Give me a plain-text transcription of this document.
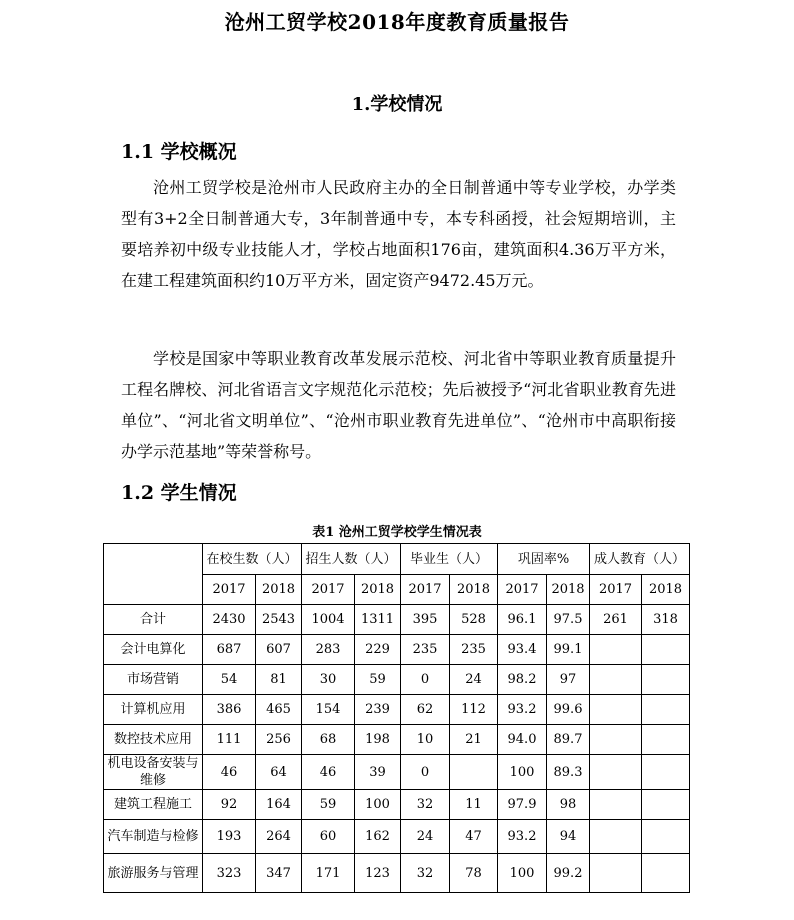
沧州工贸学校2018年度教育质量报告
1.学校情况
1.1 学校概况
沧州工贸学校是沧州市人民政府主办的全日制普通中等专业学校，办学类型有3+2全日制普通大专，3年制普通中专，本专科函授，社会短期培训，主要培养初中级专业技能人才，学校占地面积176亩，建筑面积4.36万平方米，在建工程建筑面积约10万平方米，固定资产9472.45万元。
学校是国家中等职业教育改革发展示范校、河北省中等职业教育质量提升工程名牌校、河北省语言文字规范化示范校；先后被授予“河北省职业教育先进单位”、“河北省文明单位”、“沧州市职业教育先进单位”、“沧州市中高职衔接办学示范基地”等荣誉称号。
1.2 学生情况
表1 沧州工贸学校学生情况表
	在校生数（人）		招生人数（人）		毕业生（人）		巩固率%		成人教育（人）	
	2017	2018	2017	2018	2017	2018	2017	2018	2017	2018
合计	2430	2543	1004	1311	395	528	96.1	97.5	261	318
会计电算化	687	607	283	229	235	235	93.4	99.1		
市场营销	54	81	30	59	0	24	98.2	97		
计算机应用	386	465	154	239	62	112	93.2	99.6		
数控技术应用	111	256	68	198	10	21	94.0	89.7		
机电设备安装与维修	46	64	46	39	0		100	89.3		
建筑工程施工	92	164	59	100	32	11	97.9	98		
汽车制造与检修	193	264	60	162	24	47	93.2	94		
旅游服务与管理	323	347	171	123	32	78	100	99.2		
